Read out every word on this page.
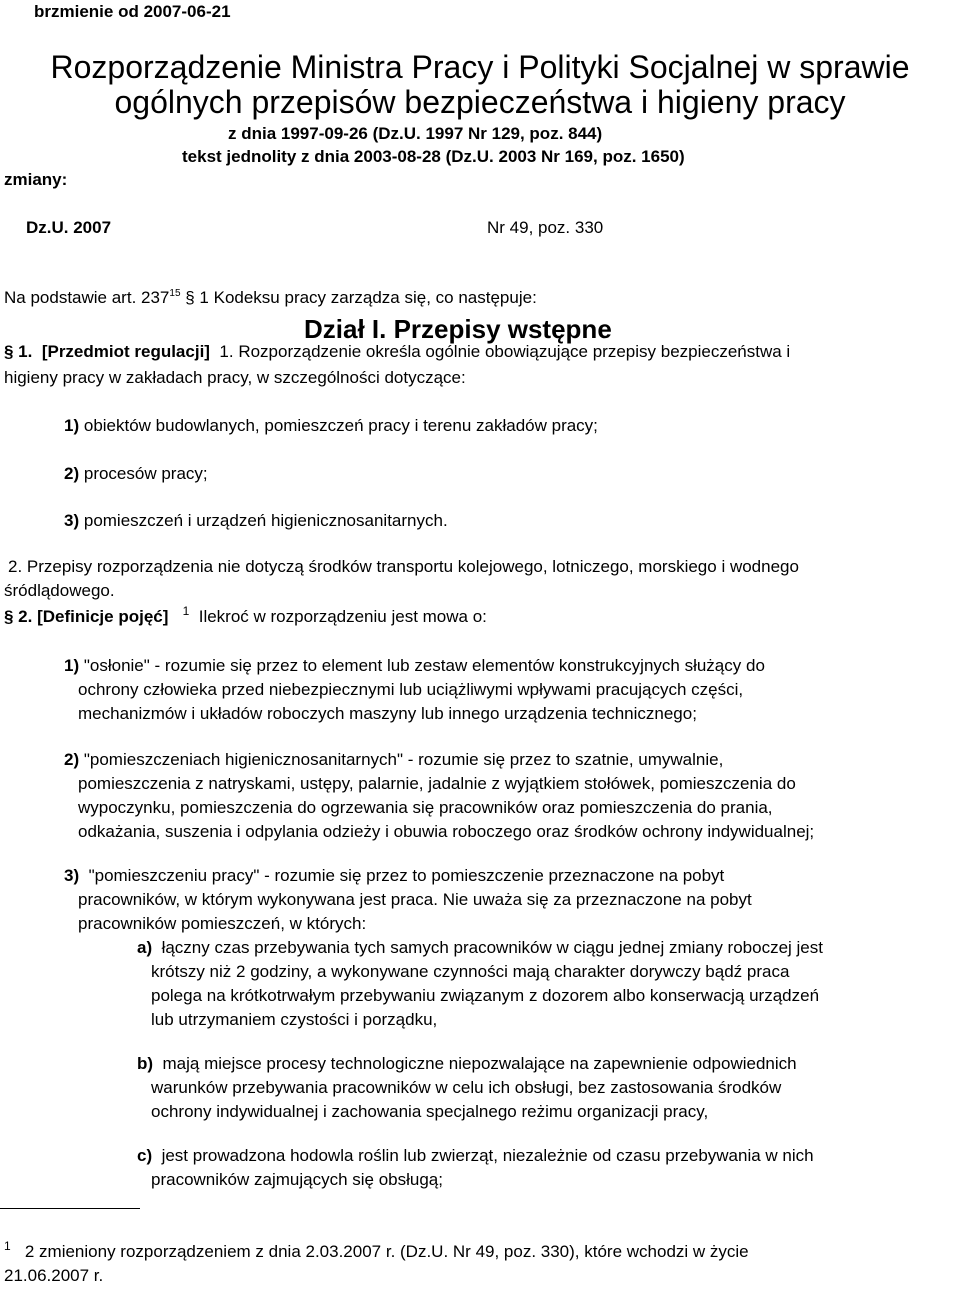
brzmienie od 2007-06-21
Rozporządzenie Ministra Pracy i Polityki Socjalnej w sprawie
ogólnych przepisów bezpieczeństwa i higieny pracy
z dnia 1997-09-26 (Dz.U. 1997 Nr 129, poz. 844)
tekst jednolity z dnia 2003-08-28 (Dz.U. 2003 Nr 169, poz. 1650)
zmiany:
Dz.U. 2007	Nr 49, poz. 330
Na podstawie art. $237^{15}$ § 1 Kodeksu pracy zarządza się, co następuje:
Dział I. Przepisy wstępne
§ 1. [Przedmiot regulacji] 1. Rozporządzenie określa ogólnie obowiązujące przepisy bezpieczeństwa i
higieny pracy w zakładach pracy, w szczególności dotyczące:
1) obiektów budowlanych, pomieszczeń pracy i terenu zakładów pracy;
2) procesów pracy;
3) pomieszczeń i urządzeń higienicznosanitarnych.
2. Przepisy rozporządzenia nie dotyczą środków transportu kolejowego, lotniczego, morskiego i wodnego
śródlądowego.
§ 2. [Definicje pojęć] $^1$ Ilekroć w rozporządzeniu jest mowa o:
1) "osłonie" - rozumie się przez to element lub zestaw elementów konstrukcyjnych służący do
ochrony człowieka przed niebezpiecznymi lub uciążliwymi wpływami pracujących części,
mechanizmów i układów roboczych maszyny lub innego urządzenia technicznego;
2) "pomieszczeniach higienicznosanitarnych" - rozumie się przez to szatnie, umywalnie,
pomieszczenia z natryskami, ustępy, palarnie, jadalnie z wyjątkiem stołówek, pomieszczenia do
wypoczynku, pomieszczenia do ogrzewania się pracowników oraz pomieszczenia do prania,
odkażania, suszenia i odpylania odzieży i obuwia roboczego oraz środków ochrony indywidualnej;
3) "pomieszczeniu pracy" - rozumie się przez to pomieszczenie przeznaczone na pobyt
pracowników, w którym wykonywana jest praca. Nie uważa się za przeznaczone na pobyt
pracowników pomieszczeń, w których:
a) łączny czas przebywania tych samych pracowników w ciągu jednej zmiany roboczej jest
krótszy niż 2 godziny, a wykonywane czynności mają charakter dorywczy bądź praca
polega na krótkotrwałym przebywaniu związanym z dozorem albo konserwacją urządzeń
lub utrzymaniem czystości i porządku,
b) mają miejsce procesy technologiczne niepozwalające na zapewnienie odpowiednich
warunków przebywania pracowników w celu ich obsługi, bez zastosowania środków
ochrony indywidualnej i zachowania specjalnego reżimu organizacji pracy,
c) jest prowadzona hodowla roślin lub zwierząt, niezależnie od czasu przebywania w nich
pracowników zajmujących się obsługą;
$^1$ 2 zmieniony rozporządzeniem z dnia 2.03.2007 r. (Dz.U. Nr 49, poz. 330), które wchodzi w życie
21.06.2007 r.
